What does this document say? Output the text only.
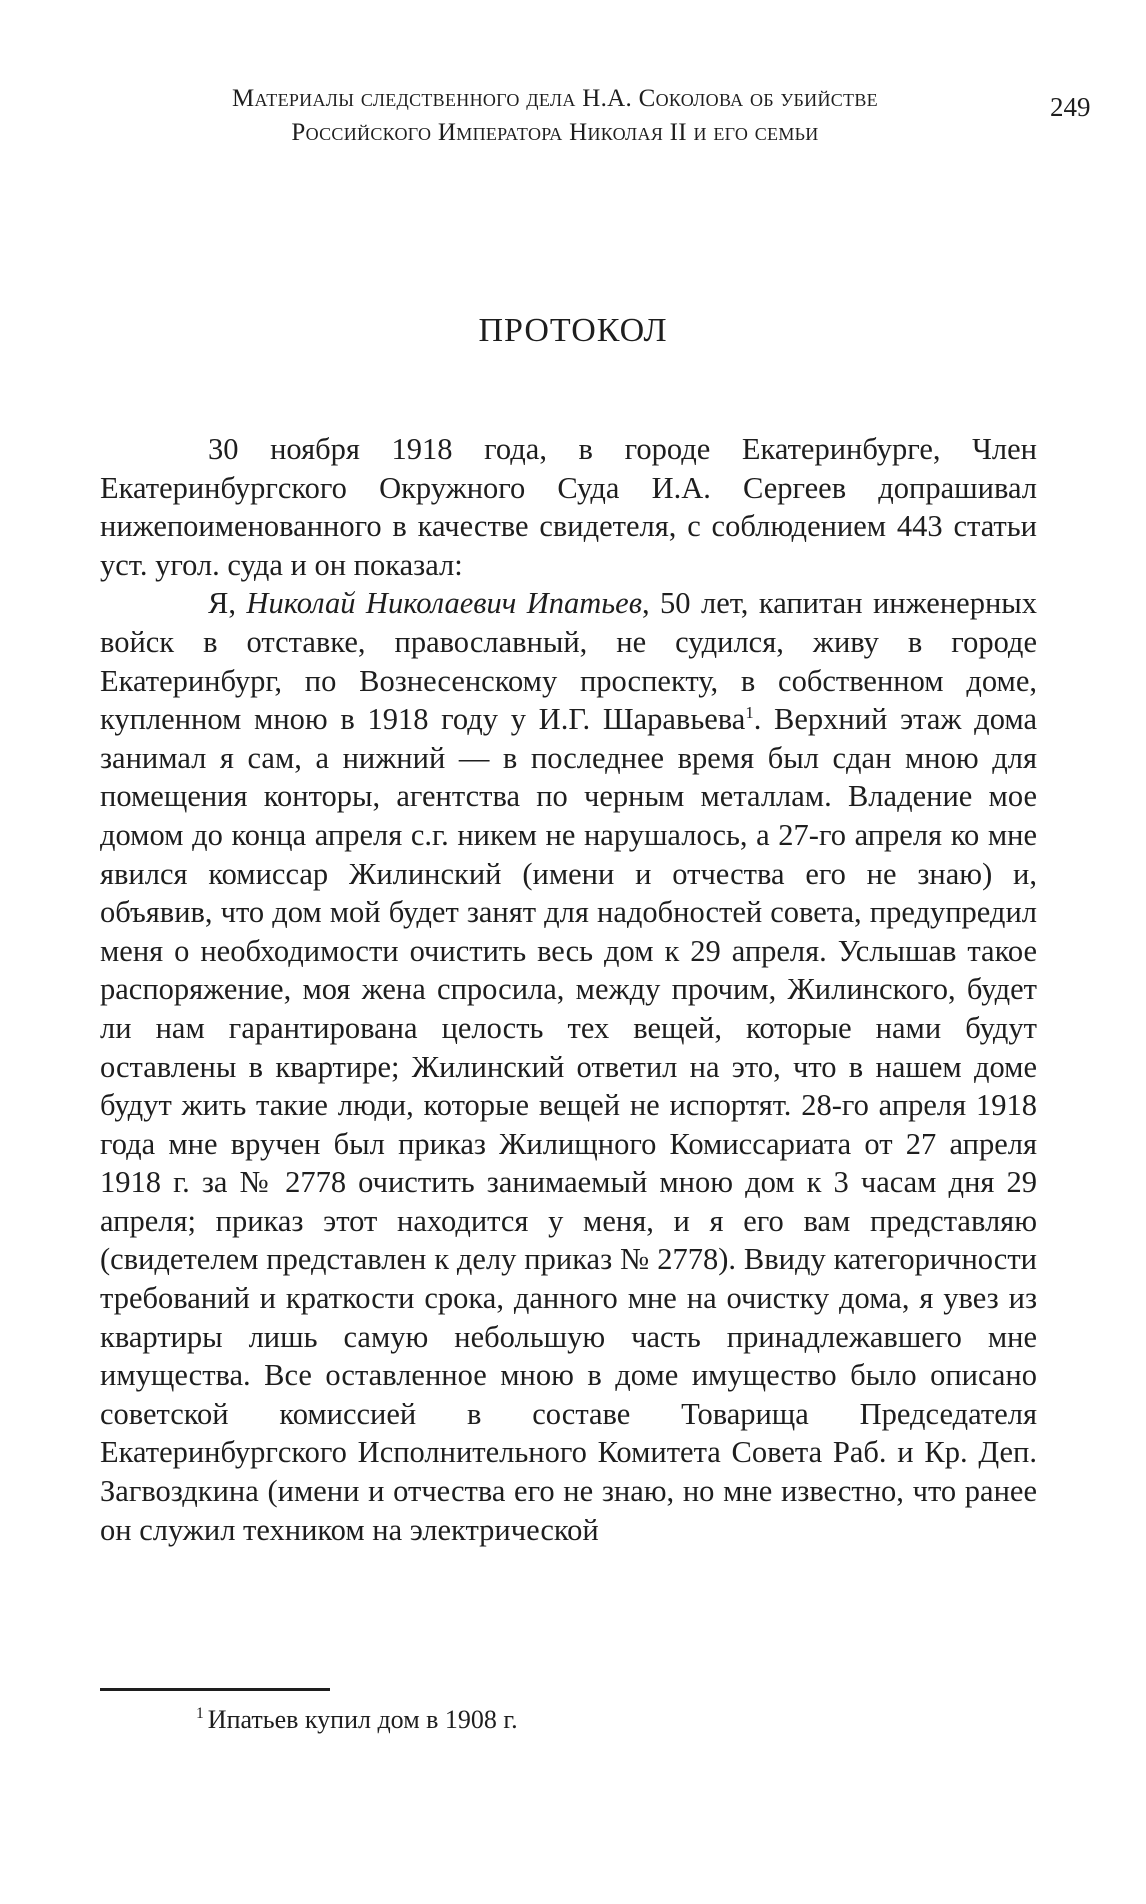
Материалы следственного дела Н.А. Соколова об убийстве
Российского Императора Николая II и его семьи
249
ПРОТОКОЛ

30 ноября 1918 года, в городе Екатеринбурге, Член Екатеринбургского Окружного Суда И.А. Сергеев допрашивал нижепоименованного в качестве свидетеля, с соблюдением 443 статьи уст. угол. суда и он показал:

Я, Николай Николаевич Ипатьев, 50 лет, капитан инженерных войск в отставке, православный, не судился, живу в городе Екатеринбург, по Вознесенскому проспекту, в собственном доме, купленном мною в 1918 году у И.Г. Шаравьева$^1$. Верхний этаж дома занимал я сам, а нижний — в последнее время был сдан мною для помещения конторы, агентства по черным металлам. Владение мое домом до конца апреля с.г. никем не нарушалось, а 27-го апреля ко мне явился комиссар Жилинский (имени и отчества его не знаю) и, объявив, что дом мой будет занят для надобностей совета, предупредил меня о необходимости очистить весь дом к 29 апреля. Услышав такое распоряжение, моя жена спросила, между прочим, Жилинского, будет ли нам гарантирована целость тех вещей, которые нами будут оставлены в квартире; Жилинский ответил на это, что в нашем доме будут жить такие люди, которые вещей не испортят. 28-го апреля 1918 года мне вручен был приказ Жилищного Комиссариата от 27 апреля 1918 г. за № 2778 очистить занимаемый мною дом к 3 часам дня 29 апреля; приказ этот находится у меня, и я его вам представляю (свидетелем представлен к делу приказ № 2778). Ввиду категоричности требований и краткости срока, данного мне на очистку дома, я увез из квартиры лишь самую небольшую часть принадлежавшего мне имущества. Все оставленное мною в доме имущество было описано советской комиссией в составе Товарища Председателя Екатеринбургского Исполнительного Комитета Совета Раб. и Кр. Деп. Загвоздкина (имени и отчества его не знаю, но мне известно, что ранее он служил техником на электрической

$^1$ Ипатьев купил дом в 1908 г.
